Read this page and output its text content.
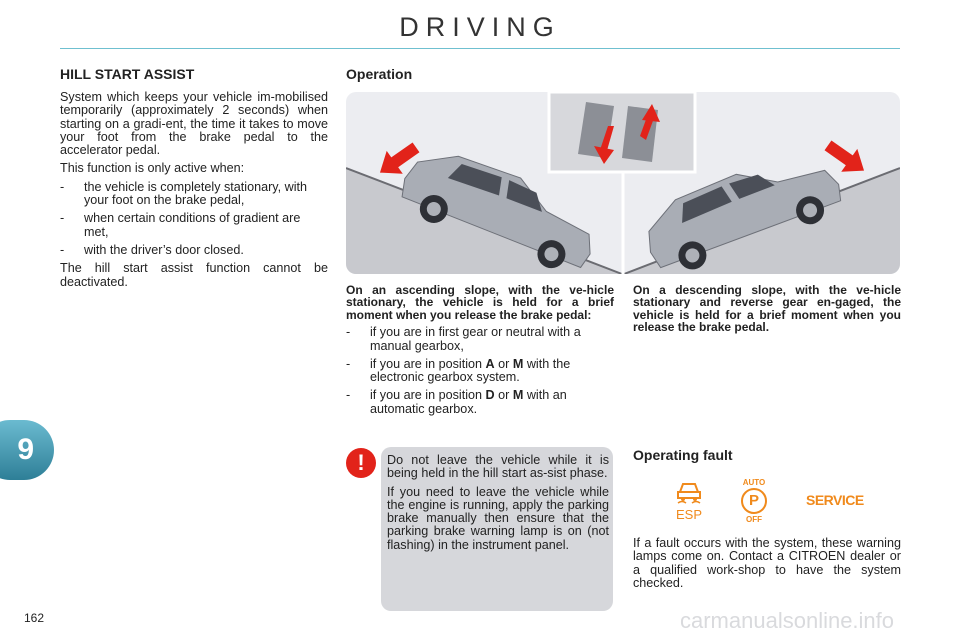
DRIVING
HILL START ASSIST

System which keeps your vehicle im-mobilised temporarily (approximately 2 seconds) when starting on a gradi-ent, the time it takes to move your foot from the brake pedal to the accelerator pedal.

This function is only active when:

- the vehicle is completely stationary, with your foot on the brake pedal,
- when certain conditions of gradient are met,
- with the driver’s door closed.

The hill start assist function cannot be deactivated.

Operation

On an ascending slope, with the ve-hicle stationary, the vehicle is held for a brief moment when you release the brake pedal:

- if you are in first gear or neutral with a manual gearbox,
- if you are in position A or M with the electronic gearbox system.
- if you are in position D or M with an automatic gearbox.

On a descending slope, with the ve-hicle stationary and reverse gear en-gaged, the vehicle is held for a brief moment when you release the brake pedal.

9	!	Do not leave the vehicle while it is being held in the hill start as-sist phase.

If you need to leave the vehicle while the engine is running, apply the parking brake manually then ensure that the parking brake warning lamp is on (not flashing) in the instrument panel.

Operating fault
ESP
AUTO
P
OFF
SERVICE

If a fault occurs with the system, these warning lamps come on. Contact a CITROEN dealer or a qualified work-shop to have the system checked.

162	carmanualsonline.info
